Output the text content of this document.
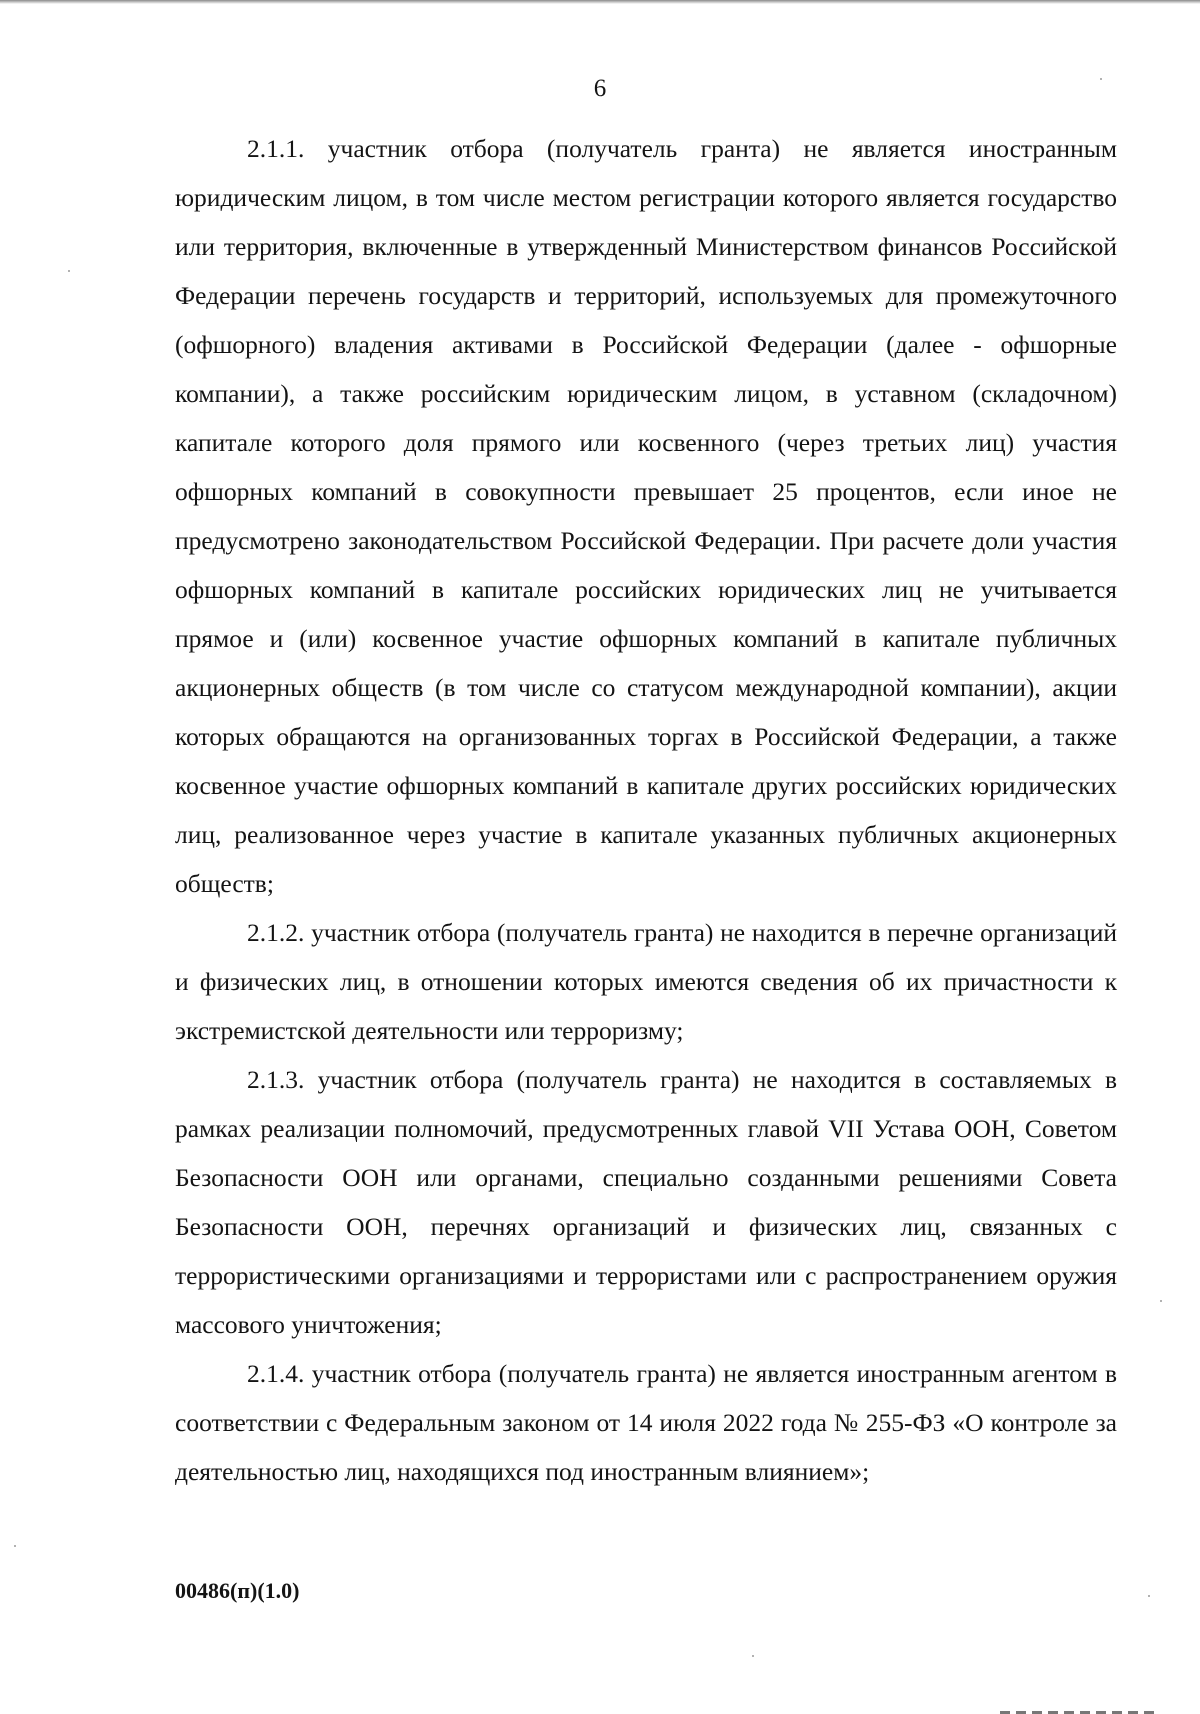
6

2.1.1. участник отбора (получатель гранта) не является иностранным юридическим лицом, в том числе местом регистрации которого является государство или территория, включенные в утвержденный Министерством финансов Российской Федерации перечень государств и территорий, используемых для промежуточного (офшорного) владения активами в Российской Федерации (далее - офшорные компании), а также российским юридическим лицом, в уставном (складочном) капитале которого доля прямого или косвенного (через третьих лиц) участия офшорных компаний в совокупности превышает 25 процентов, если иное не предусмотрено законодательством Российской Федерации. При расчете доли участия офшорных компаний в капитале российских юридических лиц не учитывается прямое и (или) косвенное участие офшорных компаний в капитале публичных акционерных обществ (в том числе со статусом международной компании), акции которых обращаются на организованных торгах в Российской Федерации, а также косвенное участие офшорных компаний в капитале других российских юридических лиц, реализованное через участие в капитале указанных публичных акционерных обществ;

2.1.2. участник отбора (получатель гранта) не находится в перечне организаций и физических лиц, в отношении которых имеются сведения об их причастности к экстремистской деятельности или терроризму;

2.1.3. участник отбора (получатель гранта) не находится в составляемых в рамках реализации полномочий, предусмотренных главой VII Устава ООН, Советом Безопасности ООН или органами, специально созданными решениями Совета Безопасности ООН, перечнях организаций и физических лиц, связанных с террористическими организациями и террористами или с распространением оружия массового уничтожения;

2.1.4. участник отбора (получатель гранта) не является иностранным агентом в соответствии с Федеральным законом от 14 июля 2022 года № 255-ФЗ «О контроле за деятельностью лиц, находящихся под иностранным влиянием»;

00486(п)(1.0)
